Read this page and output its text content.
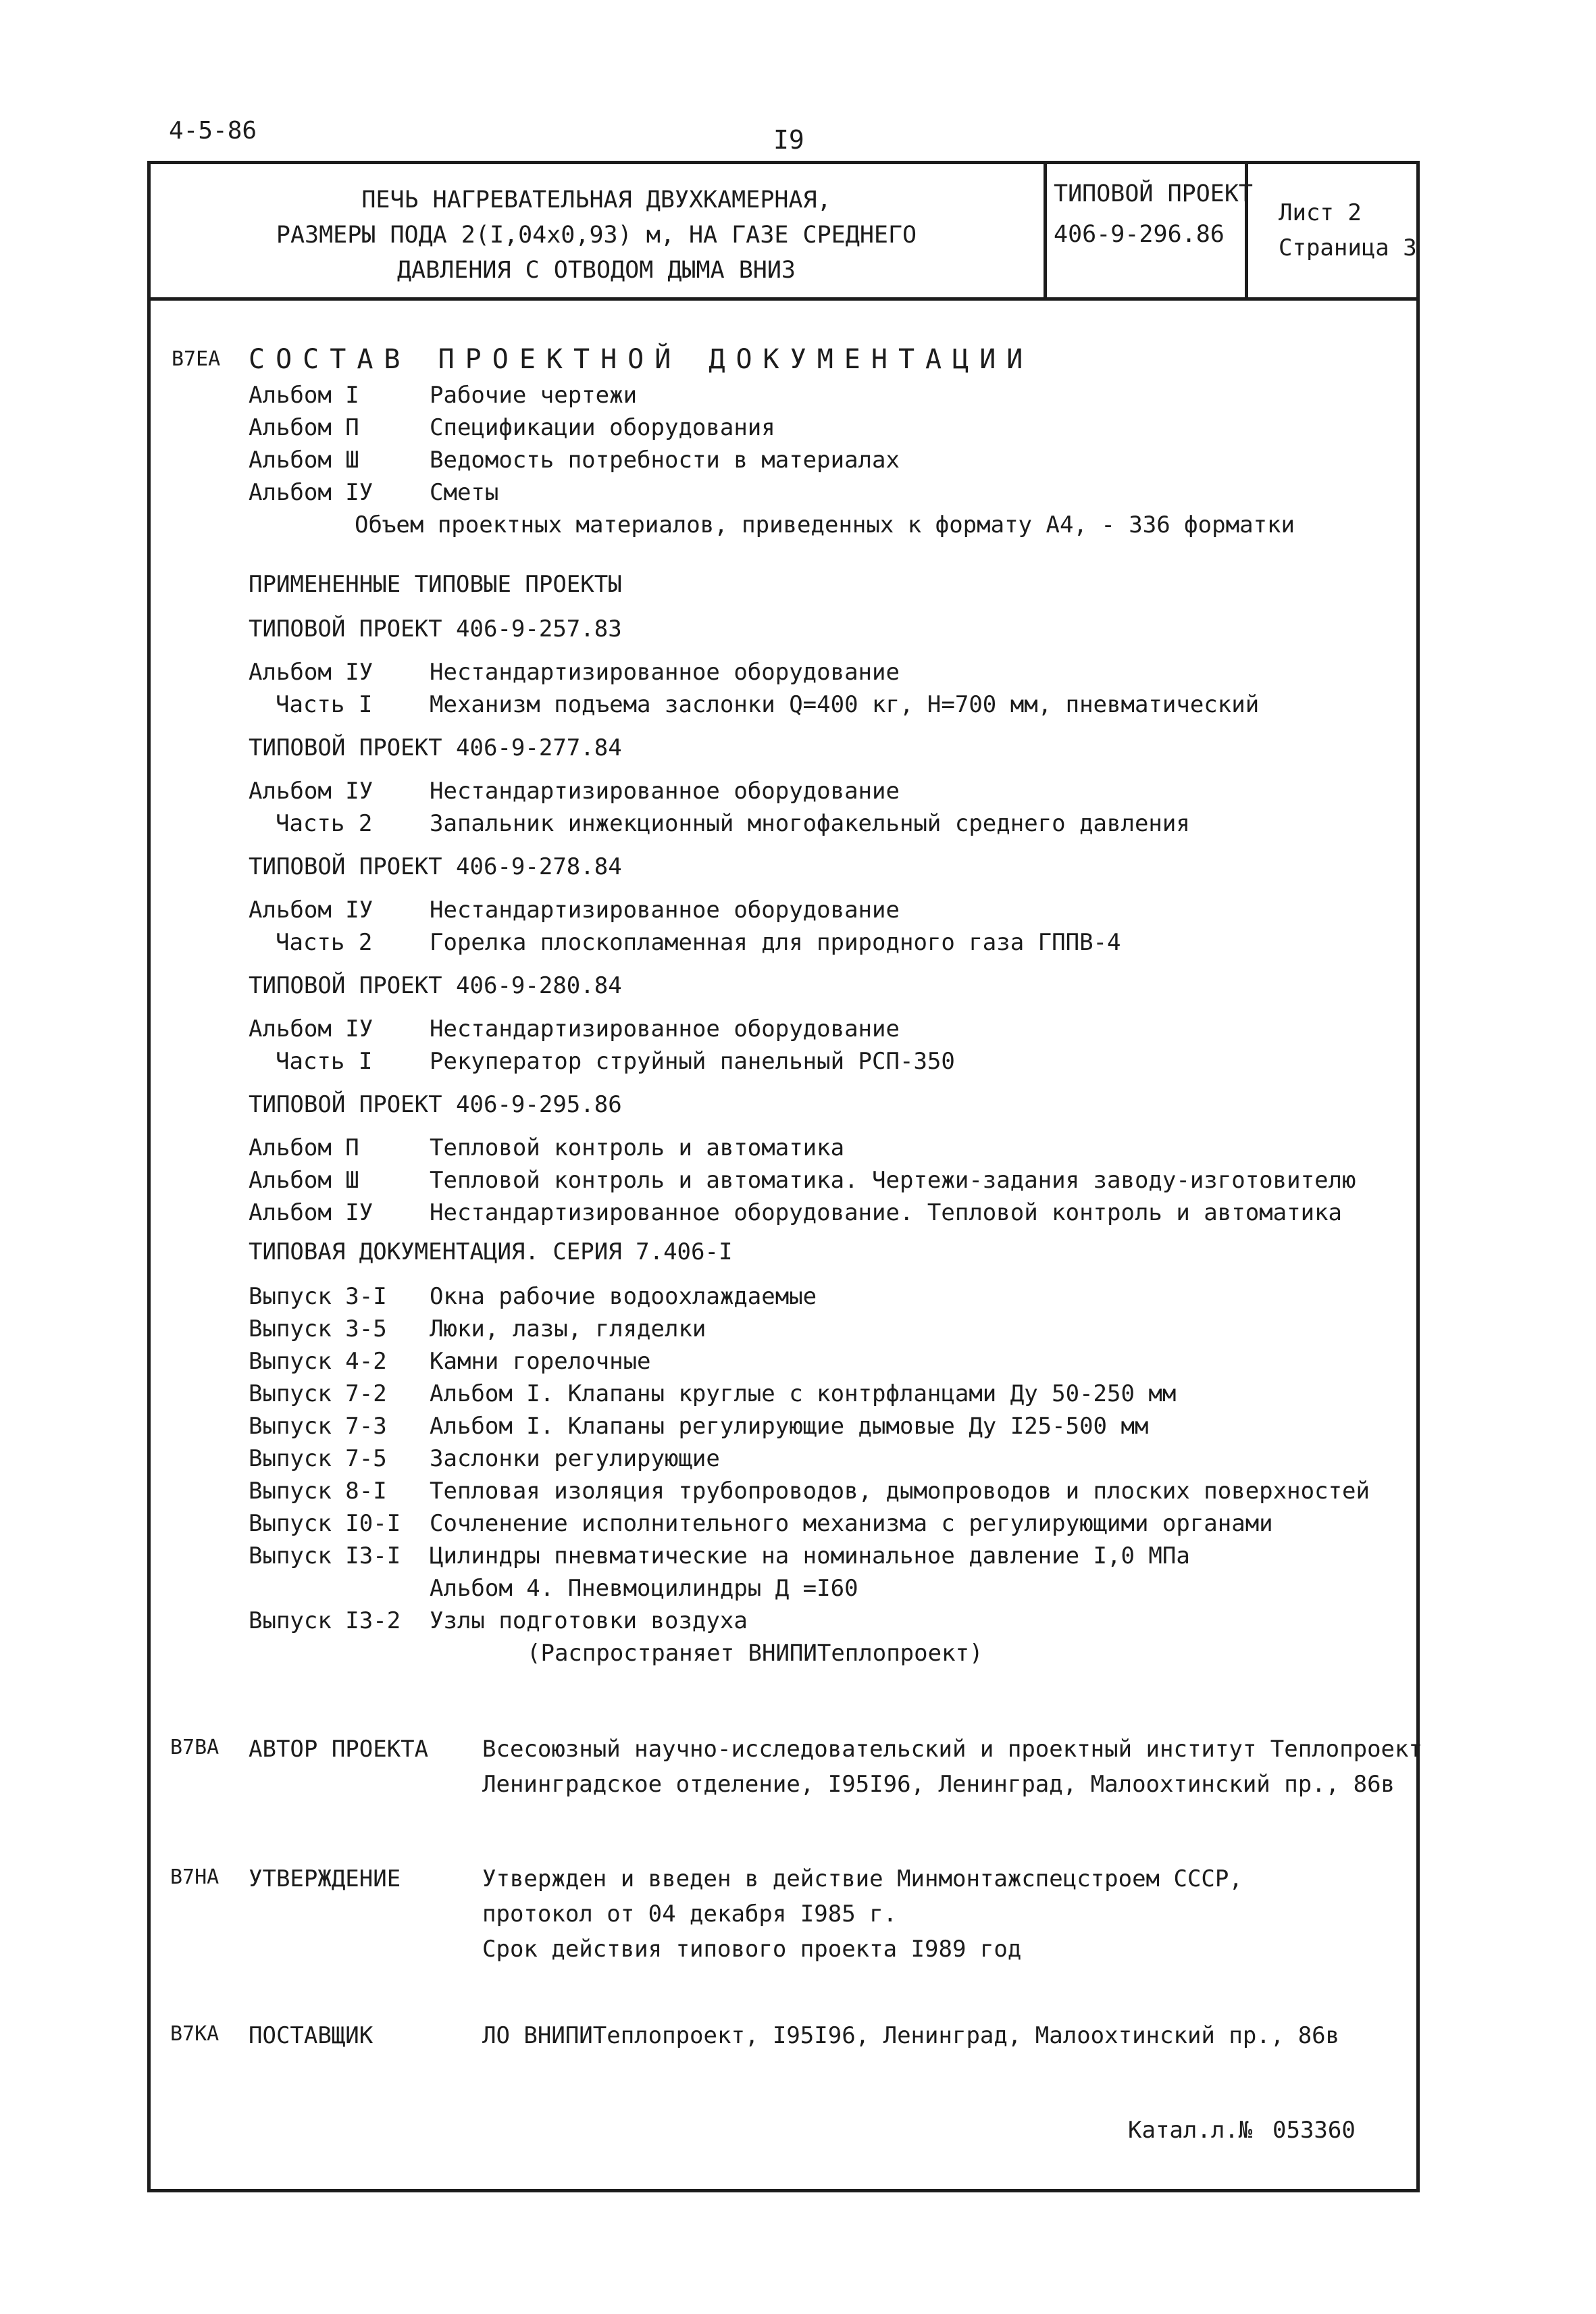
4-5-86	I9
ПЕЧЬ НАГРЕВАТЕЛЬНАЯ ДВУХКАМЕРНАЯ,
РАЗМЕРЫ ПОДА 2(I,04х0,93) м, НА ГАЗЕ СРЕДНЕГО
ДАВЛЕНИЯ С ОТВОДОМ ДЫМА ВНИЗ
ТИПОВОЙ ПРОЕКТ
406-9-296.86
Лист 2
Страница 3
В7ЕА СОСТАВ ПРОЕКТНОЙ ДОКУМЕНТАЦИИ
Альбом I	Рабочие чертежи
Альбом П	Спецификации оборудования
Альбом Ш	Ведомость потребности в материалах
Альбом IУ Сметы
Объем проектных материалов, приведенных к формату А4, - 336 форматки
ПРИМЕНЕННЫЕ ТИПОВЫЕ ПРОЕКТЫ
ТИПОВОЙ ПРОЕКТ 406-9-257.83
Альбом IУ Нестандартизированное оборудование
Часть I Механизм подъема заслонки Q=400 кг, Н=700 мм, пневматический
ТИПОВОЙ ПРОЕКТ 406-9-277.84
Альбом IУ Нестандартизированное оборудование
Часть 2 Запальник инжекционный многофакельный среднего давления
ТИПОВОЙ ПРОЕКТ 406-9-278.84
Альбом IУ Нестандартизированное оборудование
Часть 2 Горелка плоскопламенная для природного газа ГППВ-4
ТИПОВОЙ ПРОЕКТ 406-9-280.84
Альбом IУ Нестандартизированное оборудование
Часть I Рекуператор струйный панельный РСП-350
ТИПОВОЙ ПРОЕКТ 406-9-295.86
Альбом П	Тепловой контроль и автоматика
Альбом Ш	Тепловой контроль и автоматика. Чертежи-задания заводу-изготовителю
Альбом IУ Нестандартизированное оборудование. Тепловой контроль и автоматика
ТИПОВАЯ ДОКУМЕНТАЦИЯ. СЕРИЯ 7.406-I
Выпуск 3-I Окна рабочие водоохлаждаемые
Выпуск 3-5 Люки, лазы, гляделки
Выпуск 4-2 Камни горелочные
Выпуск 7-2 Альбом I. Клапаны круглые с контрфланцами Ду 50-250 мм
Выпуск 7-3 Альбом I. Клапаны регулирующие дымовые Ду I25-500 мм
Выпуск 7-5 Заслонки регулирующие
Выпуск 8-I Тепловая изоляция трубопроводов, дымопроводов и плоских поверхностей
Выпуск I0-I Сочленение исполнительного механизма с регулирующими органами
Выпуск I3-I Цилиндры пневматические на номинальное давление I,0 МПа
Альбом 4. Пневмоцилиндры Д =I60
Выпуск I3-2 Узлы подготовки воздуха
(Распространяет ВНИПИТеплопроект)
В7ВА АВТОР ПРОЕКТА Всесоюзный научно-исследовательский и проектный институт Теплопроект
Ленинградское отделение, I95I96, Ленинград, Малоохтинский пр., 86в
В7НА УТВЕРЖДЕНИЕ	Утвержден и введен в действие Минмонтажспецстроем СССР,
протокол от 04 декабря I985 г.
Срок действия типового проекта I989 год
В7КА ПОСТАВЩИК	ЛО ВНИПИТеплопроект, I95I96, Ленинград, Малоохтинский пр., 86в
Катал.л.№ 053360
